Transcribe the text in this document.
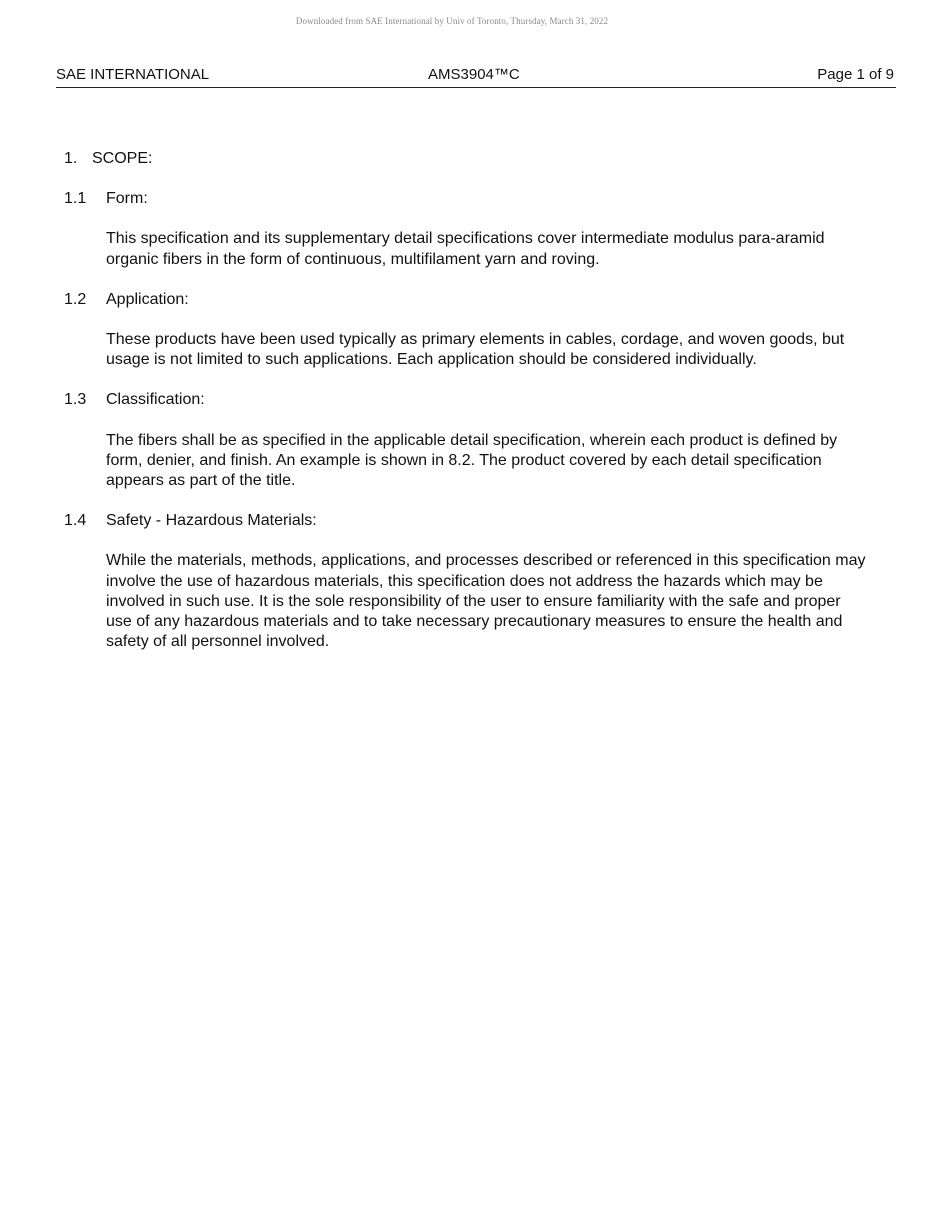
Downloaded from SAE International by Univ of Toronto, Thursday, March 31, 2022
SAE INTERNATIONAL	AMS3904™C	Page 1 of 9

1. SCOPE:

1.1 Form:

This specification and its supplementary detail specifications cover intermediate modulus para-aramid organic fibers in the form of continuous, multifilament yarn and roving.

1.2 Application:

These products have been used typically as primary elements in cables, cordage, and woven goods, but usage is not limited to such applications. Each application should be considered individually.

1.3 Classification:

The fibers shall be as specified in the applicable detail specification, wherein each product is defined by form, denier, and finish. An example is shown in 8.2. The product covered by each detail specification appears as part of the title.

1.4 Safety - Hazardous Materials:

While the materials, methods, applications, and processes described or referenced in this specification may involve the use of hazardous materials, this specification does not address the hazards which may be involved in such use. It is the sole responsibility of the user to ensure familiarity with the safe and proper use of any hazardous materials and to take necessary precautionary measures to ensure the health and safety of all personnel involved.
